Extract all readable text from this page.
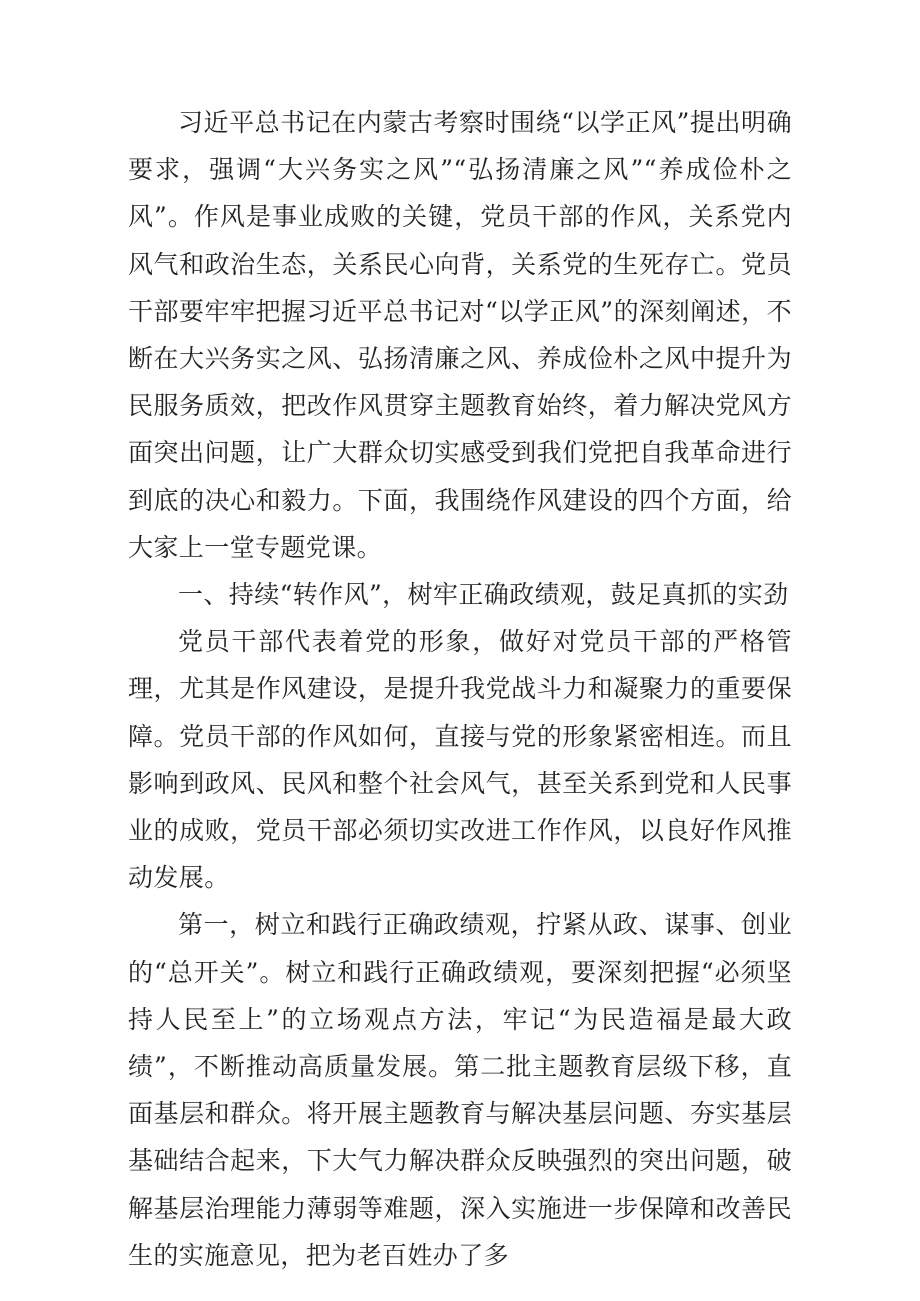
习近平总书记在内蒙古考察时围绕“以学正风”提出明确要求，强调“大兴务实之风”“弘扬清廉之风”“养成俭朴之风”。作风是事业成败的关键，党员干部的作风，关系党内风气和政治生态，关系民心向背，关系党的生死存亡。党员干部要牢牢把握习近平总书记对“以学正风”的深刻阐述，不断在大兴务实之风、弘扬清廉之风、养成俭朴之风中提升为民服务质效，把改作风贯穿主题教育始终，着力解决党风方面突出问题，让广大群众切实感受到我们党把自我革命进行到底的决心和毅力。下面，我围绕作风建设的四个方面，给大家上一堂专题党课。

一、持续“转作风”，树牢正确政绩观，鼓足真抓的实劲

党员干部代表着党的形象，做好对党员干部的严格管理，尤其是作风建设，是提升我党战斗力和凝聚力的重要保障。党员干部的作风如何，直接与党的形象紧密相连。而且影响到政风、民风和整个社会风气，甚至关系到党和人民事业的成败，党员干部必须切实改进工作作风，以良好作风推动发展。

第一，树立和践行正确政绩观，拧紧从政、谋事、创业的“总开关”。树立和践行正确政绩观，要深刻把握“必须坚持人民至上”的立场观点方法，牢记“为民造福是最大政绩”，不断推动高质量发展。第二批主题教育层级下移，直面基层和群众。将开展主题教育与解决基层问题、夯实基层基础结合起来，下大气力解决群众反映强烈的突出问题，破解基层治理能力薄弱等难题，深入实施进一步保障和改善民生的实施意见，把为老百姓办了多
